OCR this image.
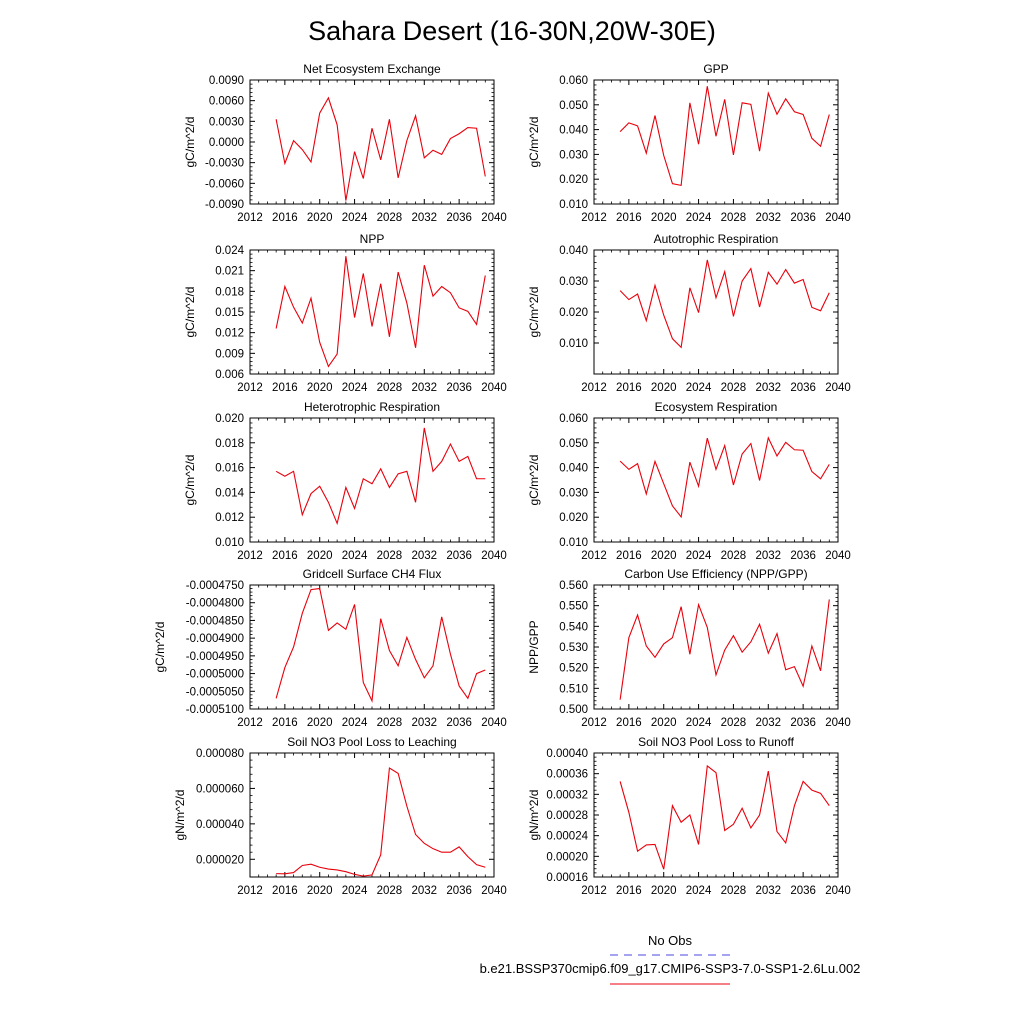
Sahara Desert (16-30N,20W-30E)
Net Ecosystem Exchange
2012 2016 2020 2024 2028 2032 2036 2040
-0.0090
-0.0060
-0.0030
0.0000
0.0030
0.0060
0.0090
gC/m^2/d
GPP
2012 2016 2020 2024 2028 2032 2036 2040
0.010
0.020
0.030
0.040
0.050
0.060
gC/m^2/d
NPP
2012 2016 2020 2024 2028 2032 2036 2040
0.006
0.009
0.012
0.015
0.018
0.021
0.024
gC/m^2/d
Autotrophic Respiration
2012 2016 2020 2024 2028 2032 2036 2040
0.010
0.020
0.030
0.040
gC/m^2/d
Heterotrophic Respiration
2012 2016 2020 2024 2028 2032 2036 2040
0.010
0.012
0.014
0.016
0.018
0.020
gC/m^2/d
Ecosystem Respiration
2012 2016 2020 2024 2028 2032 2036 2040
0.010
0.020
0.030
0.040
0.050
0.060
gC/m^2/d
Gridcell Surface CH4 Flux
2012 2016 2020 2024 2028 2032 2036 2040
-0.0004750
-0.0004800
-0.0004850
-0.0004900
-0.0004950
-0.0005000
-0.0005050
-0.0005100
gC/m^2/d
Carbon Use Efficiency (NPP/GPP)
2012 2016 2020 2024 2028 2032 2036 2040
0.500
0.510
0.520
0.530
0.540
0.550
0.560
NPP/GPP
Soil NO3 Pool Loss to Leaching
2012 2016 2020 2024 2028 2032 2036 2040
0.000020
0.000040
0.000060
0.000080
gN/m^2/d
Soil NO3 Pool Loss to Runoff
2012 2016 2020 2024 2028 2032 2036 2040
0.00016
0.00020
0.00024
0.00028
0.00032
0.00036
0.00040
gN/m^2/d
No Obs
b.e21.BSSP370cmip6.f09_g17.CMIP6-SSP3-7.0-SSP1-2.6Lu.002
